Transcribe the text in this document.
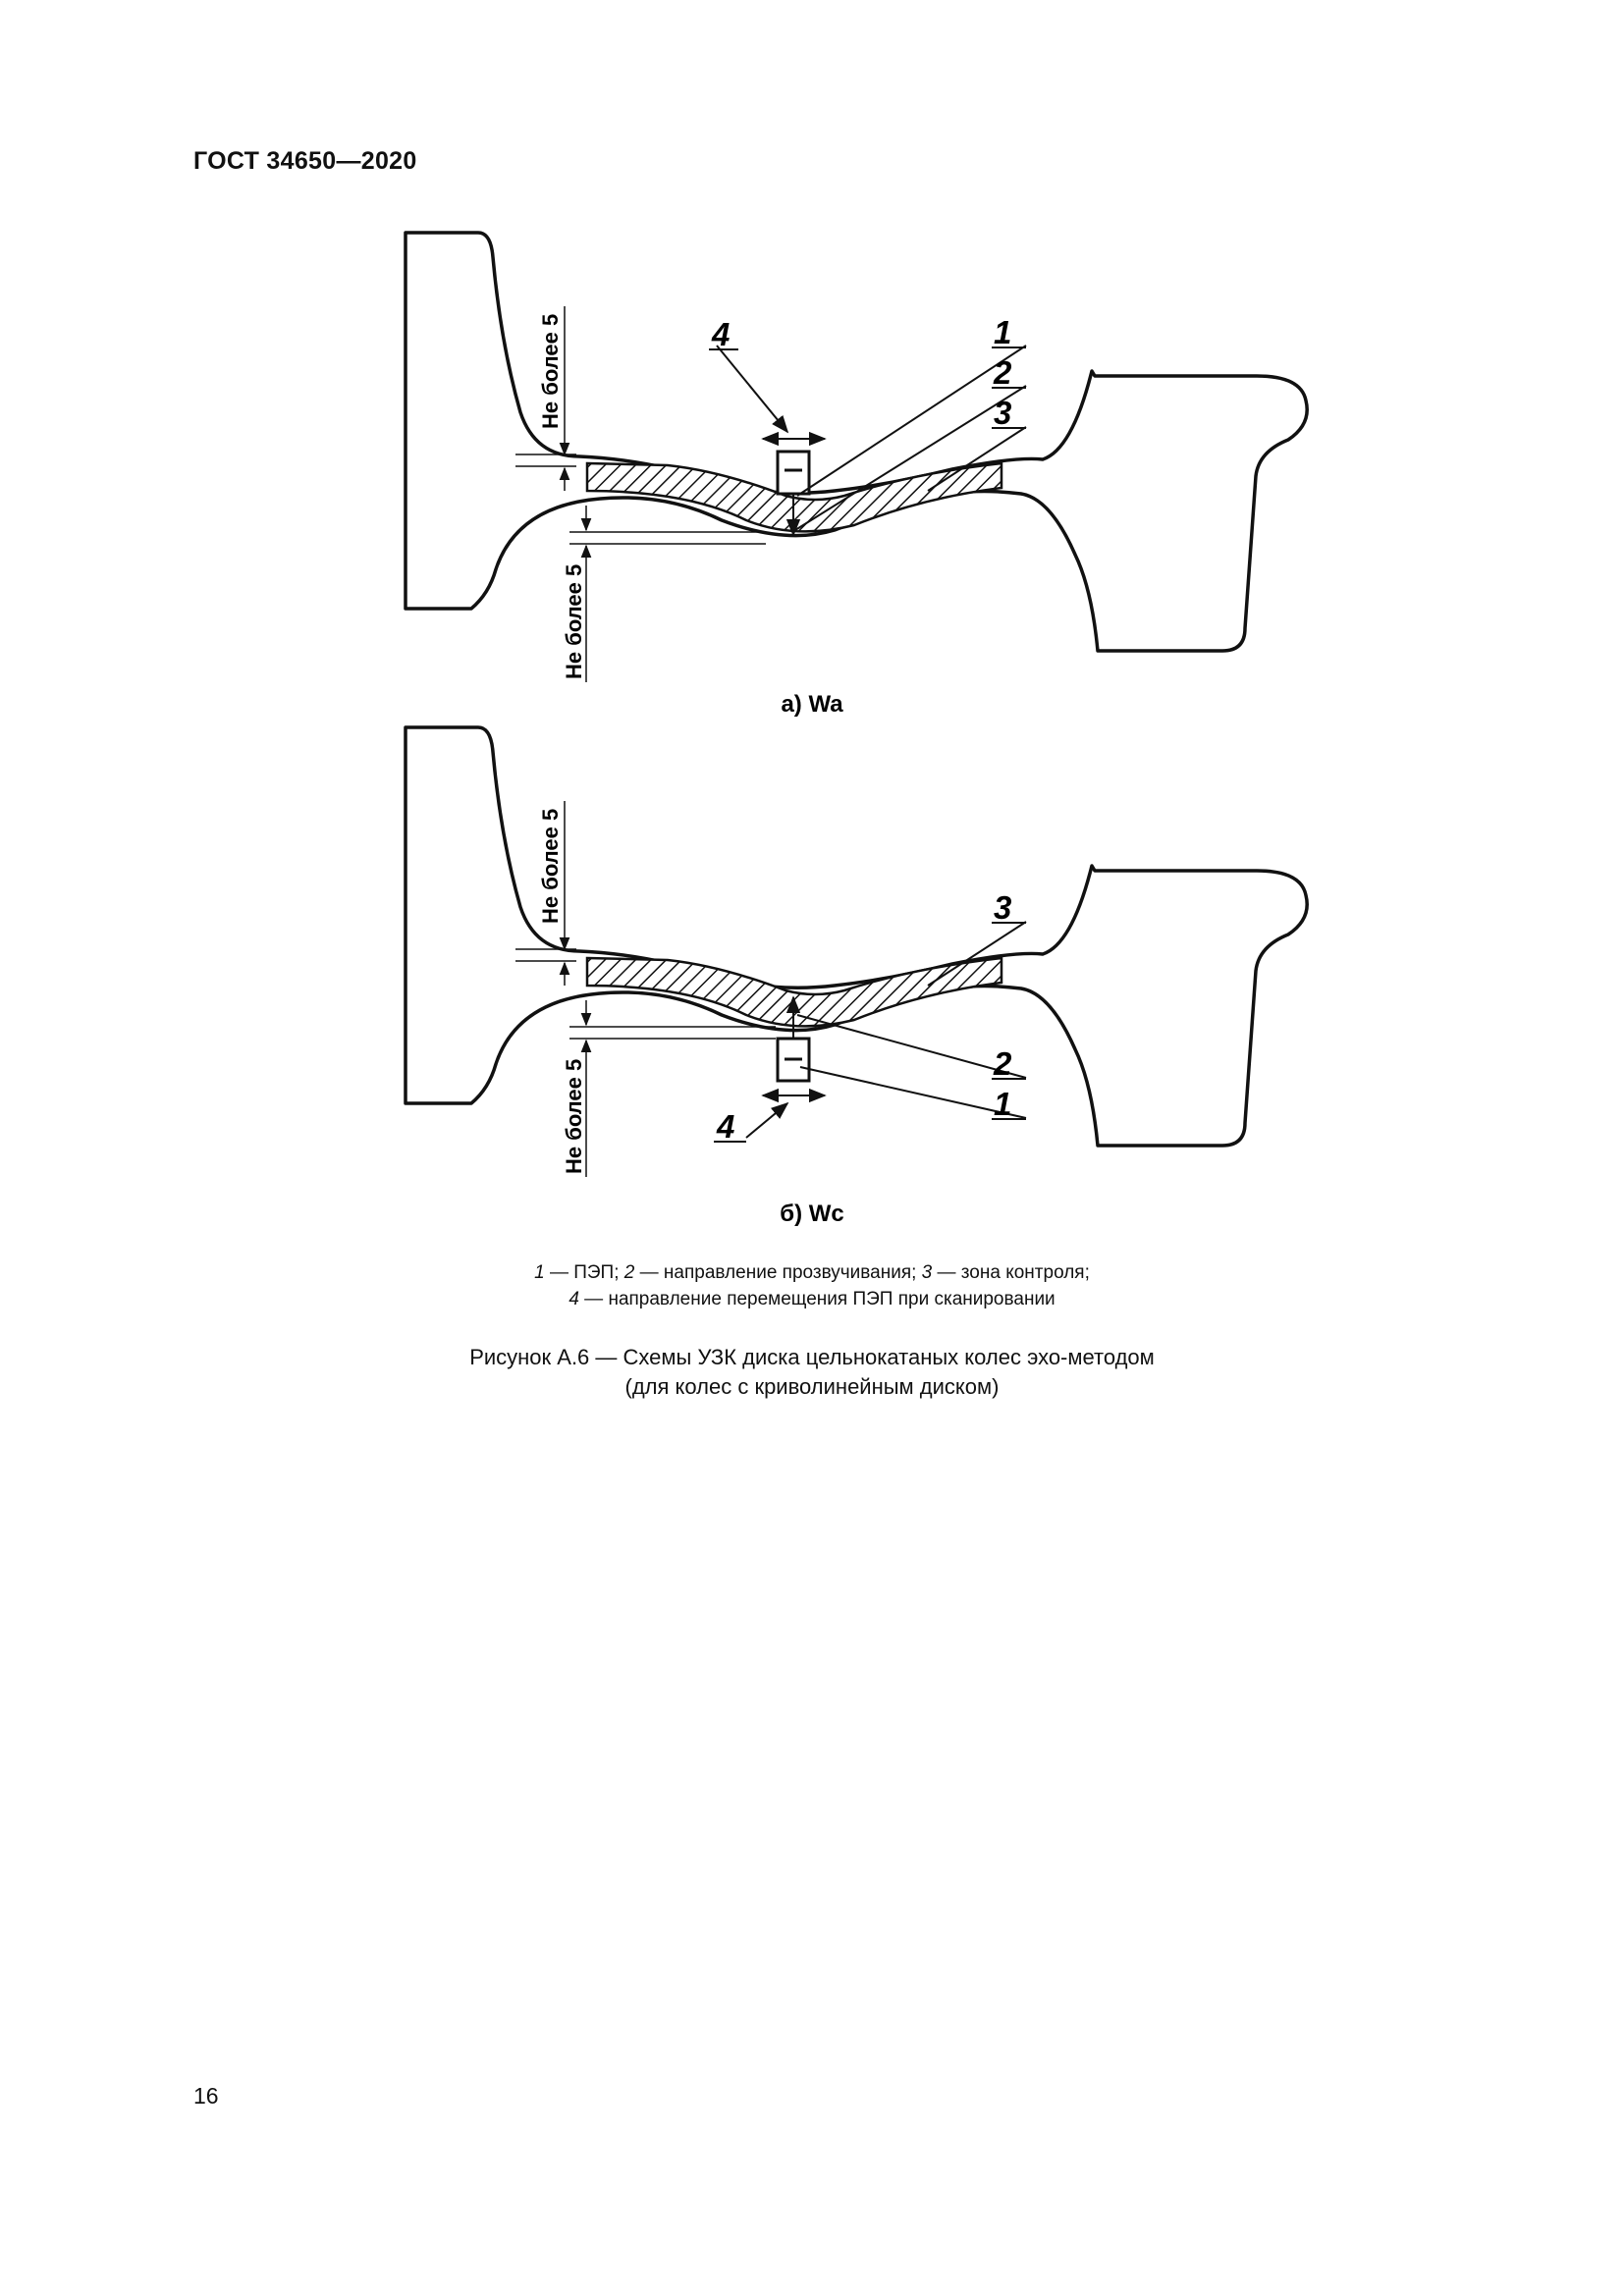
ГОСТ 34650—2020
4	1
2
3
Не более 5
Не более 5
а) Wa
4
1
2
3
Не более 5
Не более 5
б) Wc
1 — ПЭП; 2 — направление прозвучивания; 3 — зона контроля;
4 — направление перемещения ПЭП при сканировании
Рисунок А.6 — Схемы УЗК диска цельнокатаных колес эхо-методом
(для колес с криволинейным диском)
16
